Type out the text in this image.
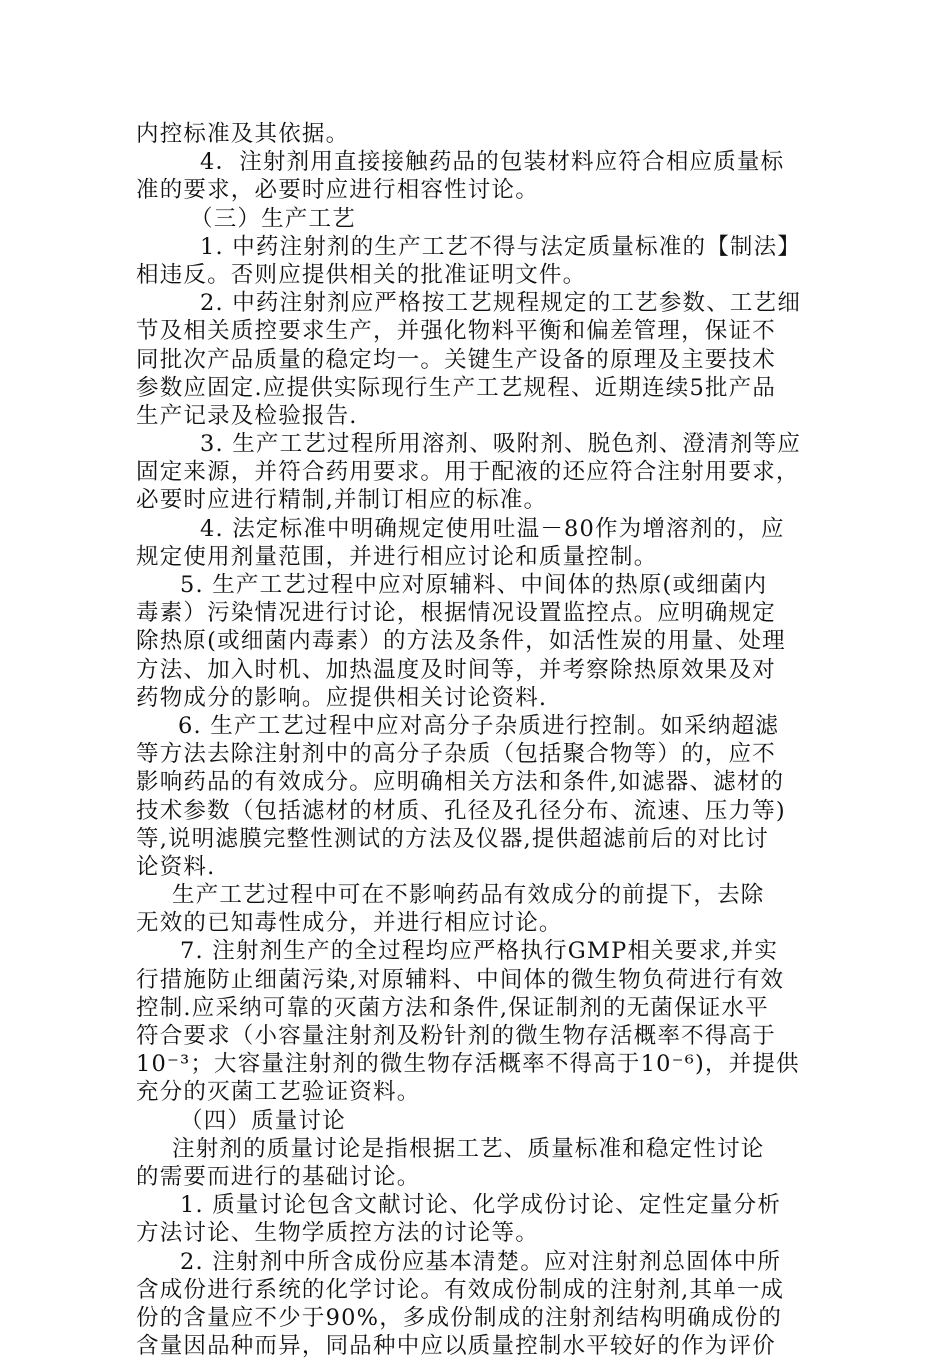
内控标准及其依据。
4．注射剂用直接接触药品的包装材料应符合相应质量标
准的要求，必要时应进行相容性讨论。
（三）生产工艺
1. 中药注射剂的生产工艺不得与法定质量标准的【制法】
相违反。否则应提供相关的批准证明文件。
2. 中药注射剂应严格按工艺规程规定的工艺参数、工艺细
节及相关质控要求生产，并强化物料平衡和偏差管理，保证不
同批次产品质量的稳定均一。关键生产设备的原理及主要技术
参数应固定.应提供实际现行生产工艺规程、近期连续5批产品
生产记录及检验报告.
3. 生产工艺过程所用溶剂、吸附剂、脱色剂、澄清剂等应
固定来源，并符合药用要求。用于配液的还应符合注射用要求，
必要时应进行精制,并制订相应的标准。
4. 法定标准中明确规定使用吐温－80作为增溶剂的，应
规定使用剂量范围，并进行相应讨论和质量控制。
5. 生产工艺过程中应对原辅料、中间体的热原(或细菌内
毒素）污染情况进行讨论，根据情况设置监控点。应明确规定
除热原(或细菌内毒素）的方法及条件，如活性炭的用量、处理
方法、加入时机、加热温度及时间等，并考察除热原效果及对
药物成分的影响。应提供相关讨论资料.
6. 生产工艺过程中应对高分子杂质进行控制。如采纳超滤
等方法去除注射剂中的高分子杂质（包括聚合物等）的，应不
影响药品的有效成分。应明确相关方法和条件,如滤器、滤材的
技术参数（包括滤材的材质、孔径及孔径分布、流速、压力等)
等,说明滤膜完整性测试的方法及仪器,提供超滤前后的对比讨
论资料.
生产工艺过程中可在不影响药品有效成分的前提下，去除
无效的已知毒性成分，并进行相应讨论。
7. 注射剂生产的全过程均应严格执行GMP相关要求,并实
行措施防止细菌污染,对原辅料、中间体的微生物负荷进行有效
控制.应采纳可靠的灭菌方法和条件,保证制剂的无菌保证水平
符合要求（小容量注射剂及粉针剂的微生物存活概率不得高于
10⁻³；大容量注射剂的微生物存活概率不得高于10⁻⁶)，并提供
充分的灭菌工艺验证资料。
（四）质量讨论
注射剂的质量讨论是指根据工艺、质量标准和稳定性讨论
的需要而进行的基础讨论。
1. 质量讨论包含文献讨论、化学成份讨论、定性定量分析
方法讨论、生物学质控方法的讨论等。
2. 注射剂中所含成份应基本清楚。应对注射剂总固体中所
含成份进行系统的化学讨论。有效成份制成的注射剂,其单一成
份的含量应不少于90%，多成份制成的注射剂结构明确成份的
含量因品种而异，同品种中应以质量控制水平较好的作为评价
